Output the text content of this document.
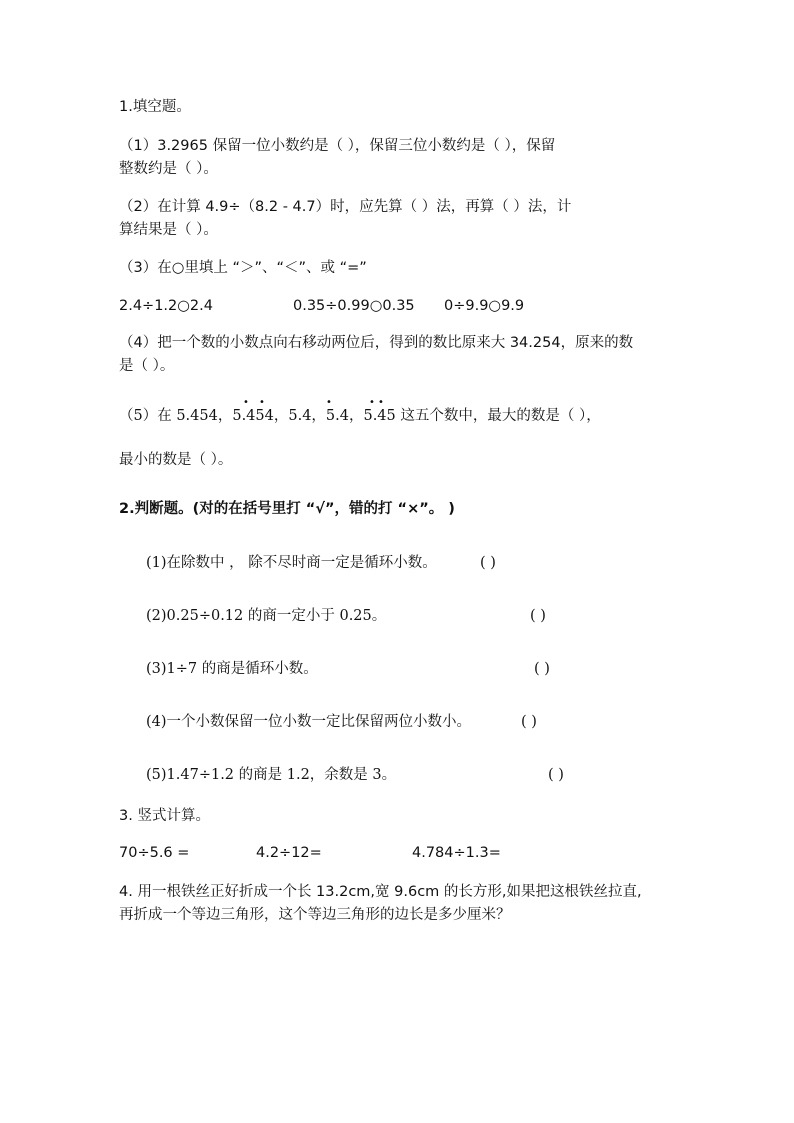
1.填空题。
（1）3.2965 保留一位小数约是（ ），保留三位小数约是（ ），保留
整数约是（ ）。
（2）在计算 4.9÷（8.2 - 4.7）时，应先算（ ）法，再算（ ）法，计
算结果是（ ）。
（3）在○里填上 “＞”、“＜”、或 “=”
2.4÷1.2○2.4	0.35÷0.99○0.35 0÷9.9○9.9
（4）把一个数的小数点向右移动两位后，得到的数比原来大 34.254，原来的数
是（ ）。
• •	•	• •
（5）在 5.454，5.454，5.4，5.4，5.45 这五个数中，最大的数是（ ），
最小的数是（ ）。
2.判断题。(对的在括号里打 “√”，错的打 “×”。 )
(1)在除数中 ， 除不尽时商一定是循环小数。	( )
(2)0.25÷0.12 的商一定小于 0.25。	( )
(3)1÷7 的商是循环小数。	( )
(4)一个小数保留一位小数一定比保留两位小数小。	( )
(5)1.47÷1.2 的商是 1.2，余数是 3。	( )
3. 竖式计算。
70÷5.6 =	4.2÷12=	4.784÷1.3=
4. 用一根铁丝正好折成一个长 13.2cm,宽 9.6cm 的长方形,如果把这根铁丝拉直,
再折成一个等边三角形，这个等边三角形的边长是多少厘米？
